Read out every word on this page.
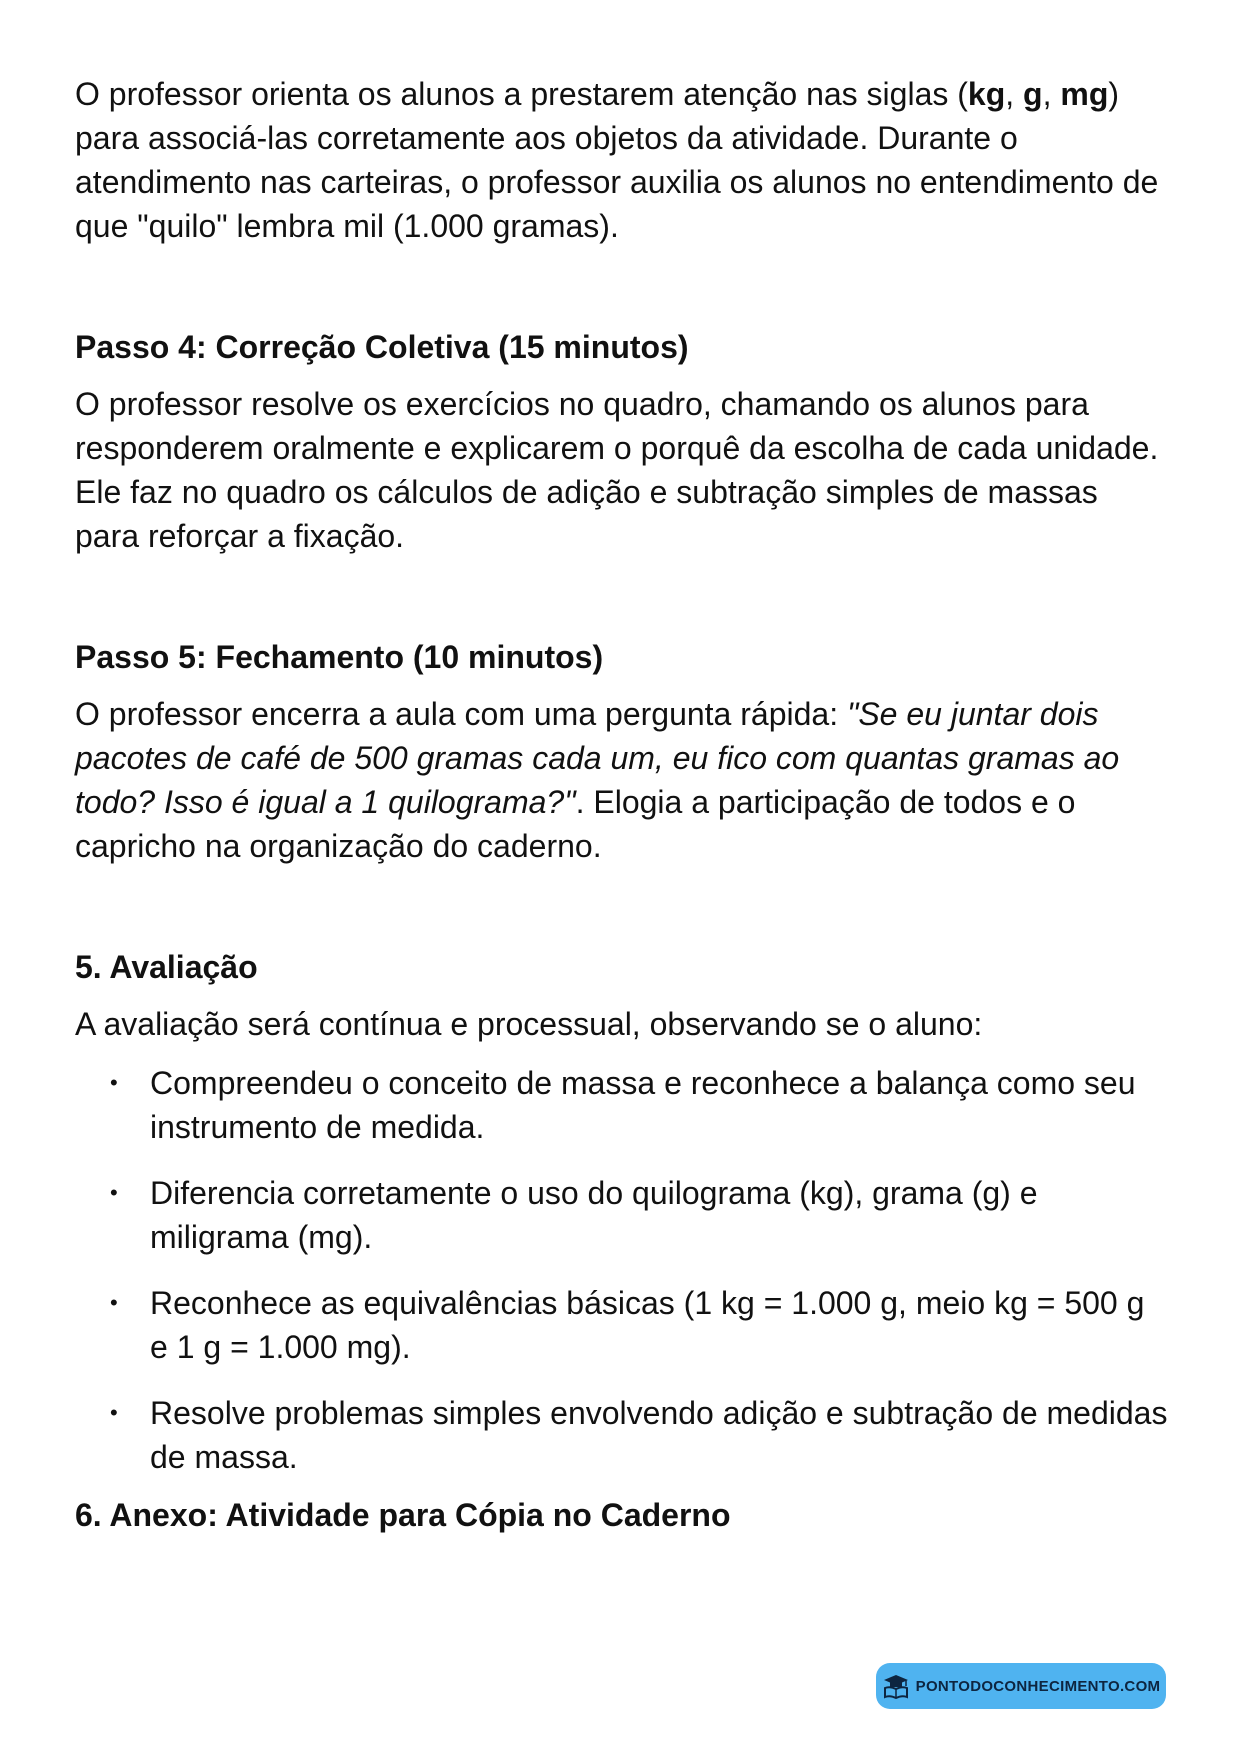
O professor orienta os alunos a prestarem atenção nas siglas (kg, g, mg) para associá-las corretamente aos objetos da atividade. Durante o atendimento nas carteiras, o professor auxilia os alunos no entendimento de que "quilo" lembra mil (1.000 gramas).

Passo 4: Correção Coletiva (15 minutos)

O professor resolve os exercícios no quadro, chamando os alunos para responderem oralmente e explicarem o porquê da escolha de cada unidade. Ele faz no quadro os cálculos de adição e subtração simples de massas para reforçar a fixação.

Passo 5: Fechamento (10 minutos)

O professor encerra a aula com uma pergunta rápida: "Se eu juntar dois pacotes de café de 500 gramas cada um, eu fico com quantas gramas ao todo? Isso é igual a 1 quilograma?". Elogia a participação de todos e o capricho na organização do caderno.

5. Avaliação

A avaliação será contínua e processual, observando se o aluno:

• Compreendeu o conceito de massa e reconhece a balança como seu instrumento de medida.
• Diferencia corretamente o uso do quilograma (kg), grama (g) e miligrama (mg).
• Reconhece as equivalências básicas (1 kg = 1.000 g, meio kg = 500 g e 1 g = 1.000 mg).
• Resolve problemas simples envolvendo adição e subtração de medidas de massa.
6. Anexo: Atividade para Cópia no Caderno
PONTODOCONHECIMENTO.COM
